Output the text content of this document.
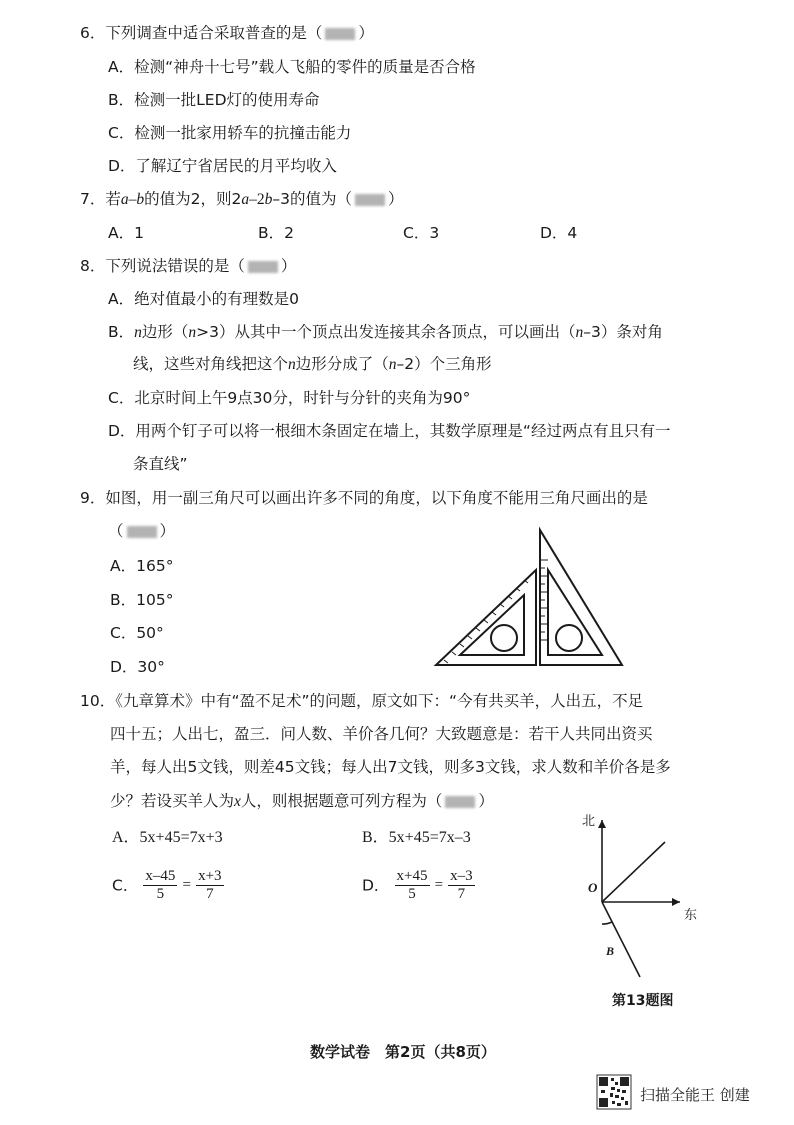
6．下列调查中适合采取普查的是（ ）
A．检测“神舟十七号”载人飞船的零件的质量是否合格
B．检测一批LED灯的使用寿命
C．检测一批家用轿车的抗撞击能力
D．了解辽宁省居民的月平均收入
7．若a–b的值为2，则2a–2b–3的值为（ ）
A．1	B．2	C．3	D．4
8．下列说法错误的是（ ）
A．绝对值最小的有理数是0
B．n边形（n>3）从其中一个顶点出发连接其余各顶点，可以画出（n–3）条对角
线，这些对角线把这个n边形分成了（n–2）个三角形
C．北京时间上午9点30分，时针与分针的夹角为90°
D．用两个钉子可以将一根细木条固定在墙上，其数学原理是“经过两点有且只有一
条直线”
9．如图，用一副三角尺可以画出许多不同的角度，以下角度不能用三角尺画出的是
（ ）
A．165°
B．105°
C．50°
D．30°
10．《九章算术》中有“盈不足术”的问题，原文如下：“今有共买羊，人出五，不足
四十五；人出七，盈三．问人数、羊价各几何？大致题意是：若干人共同出资买
羊，每人出5文钱，则差45文钱；每人出7文钱，则多3文钱，求人数和羊价各是多
少？若设买羊人为x人，则根据题意可列方程为（ ）
A．5x+45=7x+3	B．5x+45=7x–3
C． $\frac{x-45}{5} = \frac{x+3}{7}$	D． $\frac{x+45}{5} = \frac{x-3}{7}$
北
东
O
B
第13题图
数学试卷　第2页（共8页）
扫描全能王 创建
